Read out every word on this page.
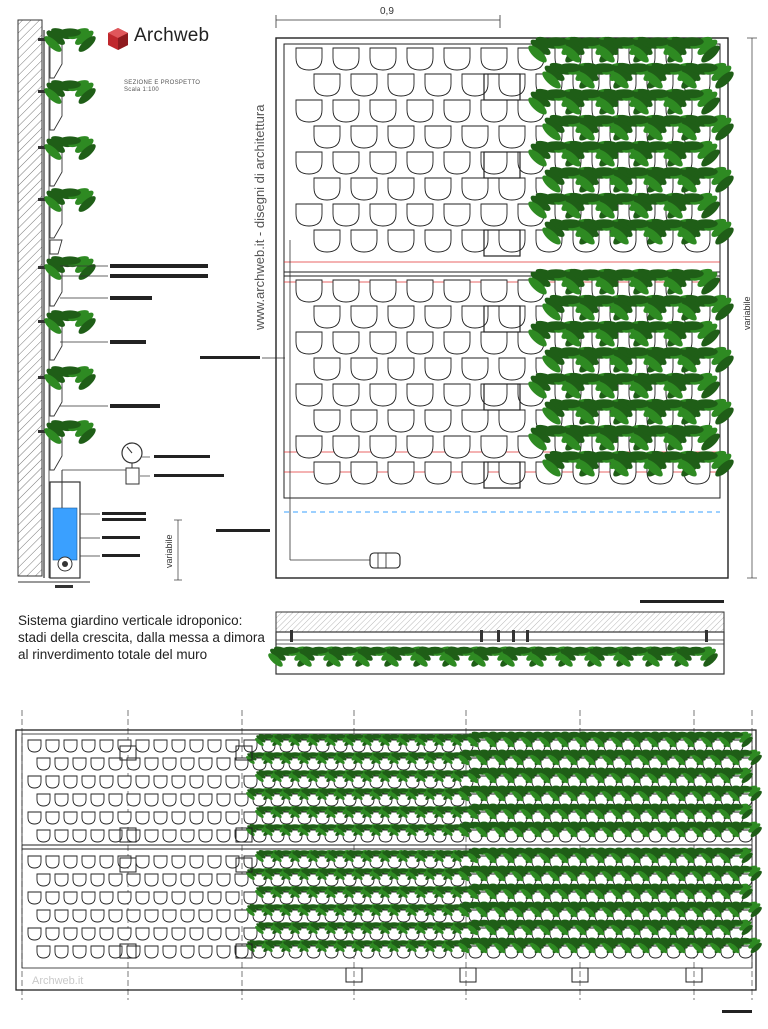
Archweb
SEZIONE E PROSPETTO
Scala 1:100
0,9
www.archweb.it - disegni di architettura
variabile
variabile
Sistema giardino verticale idroponico: stadi della crescita, dalla messa a dimora al rinverdimento totale del muro
Archweb.it
